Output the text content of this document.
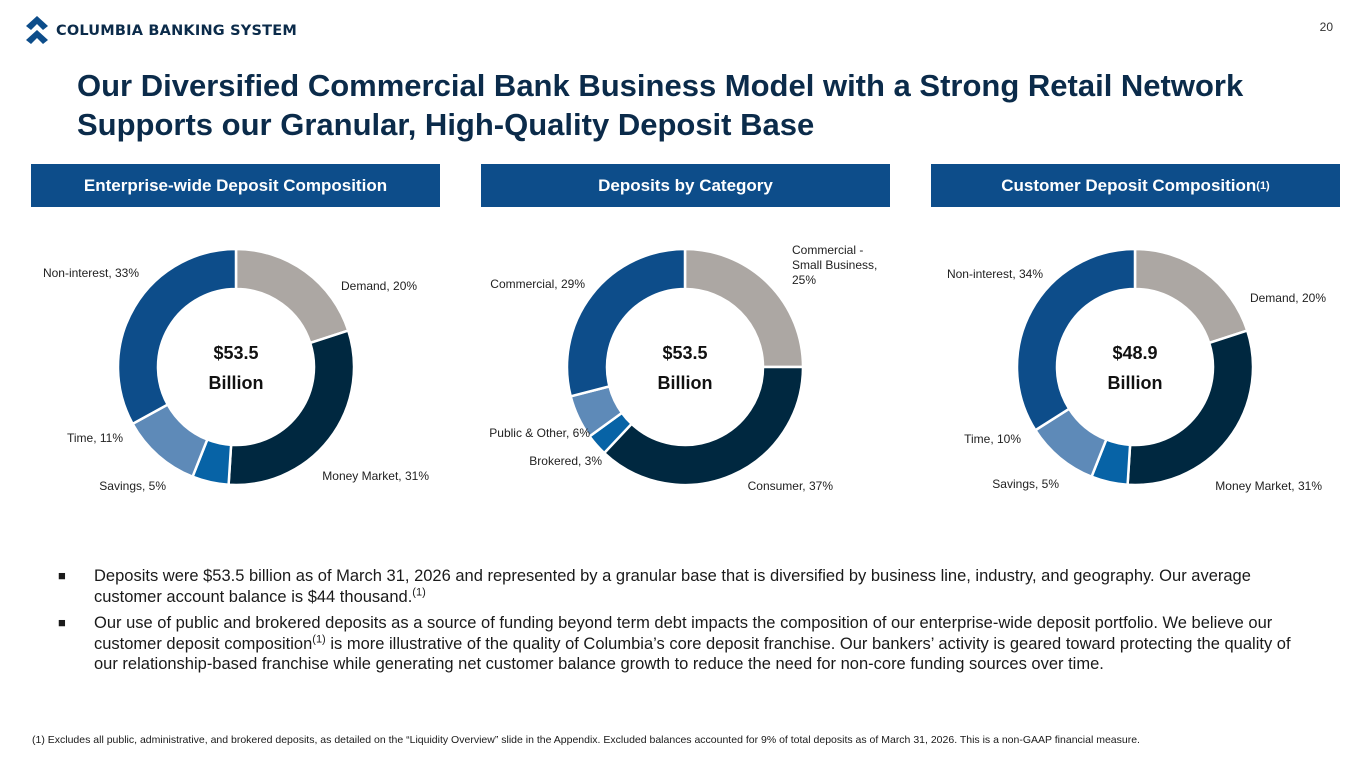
COLUMBIA BANKING SYSTEM	20
Our Diversified Commercial Bank Business Model with a Strong Retail Network Supports our Granular, High-Quality Deposit Base
Enterprise-wide Deposit Composition	Deposits by Category	Customer Deposit Composition (1)
Demand, 20%
Money Market, 31%
Savings, 5%
Time, 11%
Non-interest, 33%
$53.5
Billion
Commercial -Small Business, 25%
Consumer, 37%
Brokered, 3%
Public & Other, 6%
Commercial, 29%
$53.5
Billion
Demand, 20%
Money Market, 31%
Savings, 5%
Time, 10%
Non-interest, 34%
$48.9
Billion
■	Deposits were $53.5 billion as of March 31, 2026 and represented by a granular base that is diversified by business line, industry, and geography. Our average customer account balance is $44 thousand.$^{(1)}$
■	Our use of public and brokered deposits as a source of funding beyond term debt impacts the composition of our enterprise-wide deposit portfolio. We believe our customer deposit composition$^{(1)}$ is more illustrative of the quality of Columbia’s core deposit franchise. Our bankers’ activity is geared toward protecting the quality of our relationship-based franchise while generating net customer balance growth to reduce the need for non-core funding sources over time.
(1) Excludes all public, administrative, and brokered deposits, as detailed on the “Liquidity Overview” slide in the Appendix. Excluded balances accounted for 9% of total deposits as of March 31, 2026. This is a non-GAAP financial measure.
